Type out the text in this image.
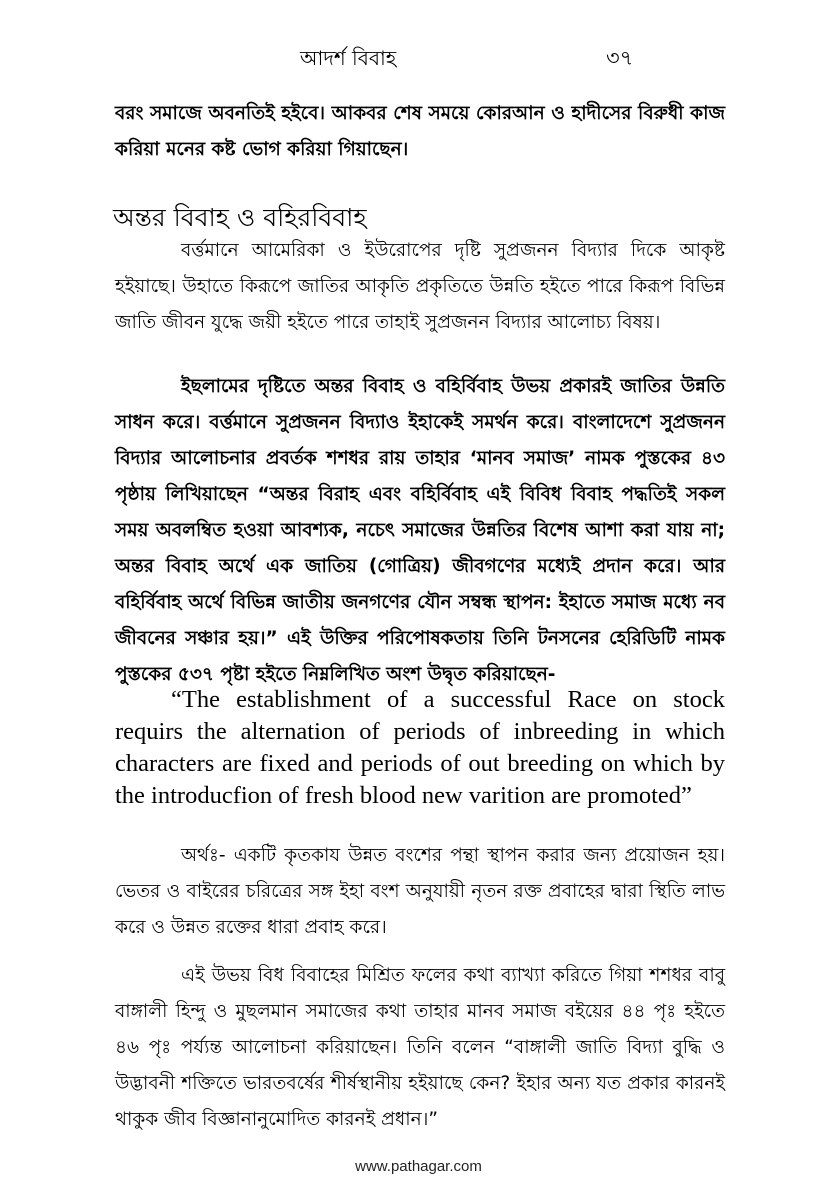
আদর্শ বিবাহ	৩৭

বরং সমাজে অবনতিই হইবে। আকবর শেষ সময়ে কোরআন ও হাদীসের বিরুধী কাজ করিয়া মনের কষ্ট ভোগ করিয়া গিয়াছেন।

অন্তর বিবাহ ও বহিরবিবাহ

বর্ত্তমানে আমেরিকা ও ইউরোপের দৃষ্টি সুপ্রজনন বিদ্যার দিকে আকৃষ্ট হইয়াছে। উহাতে কিরূপে জাতির আকৃতি প্রকৃতিতে উন্নতি হইতে পারে কিরূপ বিভিন্ন জাতি জীবন যুদ্ধে জয়ী হইতে পারে তাহাই সুপ্রজনন বিদ্যার আলোচ্য বিষয়।

ইছলামের দৃষ্টিতে অন্তর বিবাহ ও বহির্বিবাহ উভয় প্রকারই জাতির উন্নতি সাধন করে। বর্ত্তমানে সুপ্রজনন বিদ্যাও ইহাকেই সমর্থন করে। বাংলাদেশে সুপ্রজনন বিদ্যার আলোচনার প্রবর্তক শশধর রায় তাহার ‘মানব সমাজ’ নামক পুস্তকের ৪৩ পৃষ্ঠায় লিখিয়াছেন “অন্তর বিরাহ এবং বহির্বিবাহ এই বিবিধ বিবাহ পদ্ধতিই সকল সময় অবলম্বিত হওয়া আবশ্যক, নচেৎ সমাজের উন্নতির বিশেষ আশা করা যায় না; অন্তর বিবাহ অর্থে এক জাতিয় (গোত্রিয়) জীবগণের মধ্যেই প্রদান করে। আর বহির্বিবাহ অর্থে বিভিন্ন জাতীয় জনগণের যৌন সম্বন্ধ স্থাপন: ইহাতে সমাজ মধ্যে নব জীবনের সঞ্চার হয়।” এই উক্তির পরিপোষকতায় তিনি টনসনের হেরিডিটি নামক পুস্তকের ৫৩৭ পৃষ্টা হইতে নিম্নলিখিত অংশ উদ্বৃত করিয়াছেন-

“The establishment of a successful Race on stock requirs the alternation of periods of inbreeding in which characters are fixed and periods of out breeding on which by the introducfion of fresh blood new varition are promoted”

অর্থঃ- একটি কৃতকায উন্নত বংশের পন্থা স্থাপন করার জন্য প্রয়োজন হয়। ভেতর ও বাইরের চরিত্রের সঙ্গ ইহা বংশ অনুযায়ী নৃতন রক্ত প্রবাহের দ্বারা স্থিতি লাভ করে ও উন্নত রক্তের ধারা প্রবাহ করে।

এই উভয় বিধ বিবাহের মিশ্রিত ফলের কথা ব্যাখ্যা করিতে গিয়া শশধর বাবু বাঙ্গালী হিন্দু ও মুছলমান সমাজের কথা তাহার মানব সমাজ বইয়ের ৪৪ পৃঃ হইতে ৪৬ পৃঃ পর্য্যন্ত আলোচনা করিয়াছেন। তিনি বলেন “বাঙ্গালী জাতি বিদ্যা বুদ্ধি ও উদ্ভাবনী শক্তিতে ভারতবর্ষের শীর্ষস্থানীয় হইয়াছে কেন? ইহার অন্য যত প্রকার কারনই থাকুক জীব বিজ্ঞানানুমোদিত কারনই প্রধান।”

www.pathagar.com
